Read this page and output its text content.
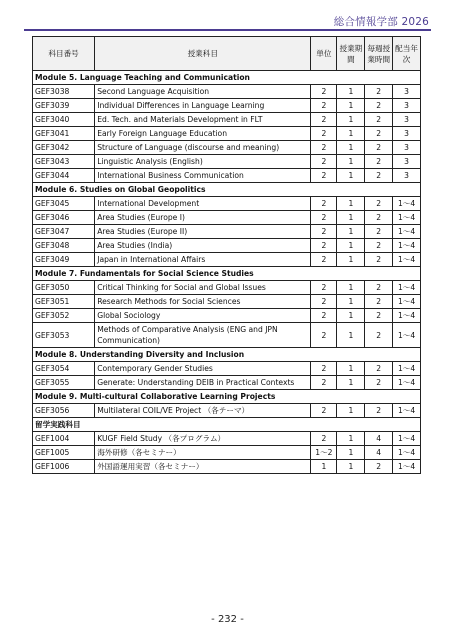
総合情報学部 2026
科目番号	授業科目	単位	授業期間	毎週授業時間	配当年次
Module 5. Language Teaching and Communication					
GEF3038	Second Language Acquisition	2	1	2	3
GEF3039	Individual Differences in Language Learning	2	1	2	3
GEF3040	Ed. Tech. and Materials Development in FLT	2	1	2	3
GEF3041	Early Foreign Language Education	2	1	2	3
GEF3042	Structure of Language (discourse and meaning)	2	1	2	3
GEF3043	Linguistic Analysis (English)	2	1	2	3
GEF3044	International Business Communication	2	1	2	3
Module 6. Studies on Global Geopolitics					
GEF3045	International Development	2	1	2	1～4
GEF3046	Area Studies (Europe I)	2	1	2	1～4
GEF3047	Area Studies (Europe II)	2	1	2	1～4
GEF3048	Area Studies (India)	2	1	2	1～4
GEF3049	Japan in International Affairs	2	1	2	1～4
Module 7. Fundamentals for Social Science Studies					
GEF3050	Critical Thinking for Social and Global Issues	2	1	2	1～4
GEF3051	Research Methods for Social Sciences	2	1	2	1～4
GEF3052	Global Sociology	2	1	2	1～4
GEF3053	Methods of Comparative Analysis (ENG and JPN Communication)	2	1	2	1～4
Module 8. Understanding Diversity and Inclusion					
GEF3054	Contemporary Gender Studies	2	1	2	1～4
GEF3055	Generate: Understanding DEIB in Practical Contexts	2	1	2	1～4
Module 9. Multi-cultural Collaborative Learning Projects					
GEF3056	Multilateral COIL/VE Project （各テーマ）	2	1	2	1～4
留学実践科目					
GEF1004	KUGF Field Study （各プログラム）	2	1	4	1～4
GEF1005	海外研修（各セミナー）	1～2	1	4	1～4
GEF1006	外国語運用実習（各セミナー）	1	1	2	1～4
- 232 -
